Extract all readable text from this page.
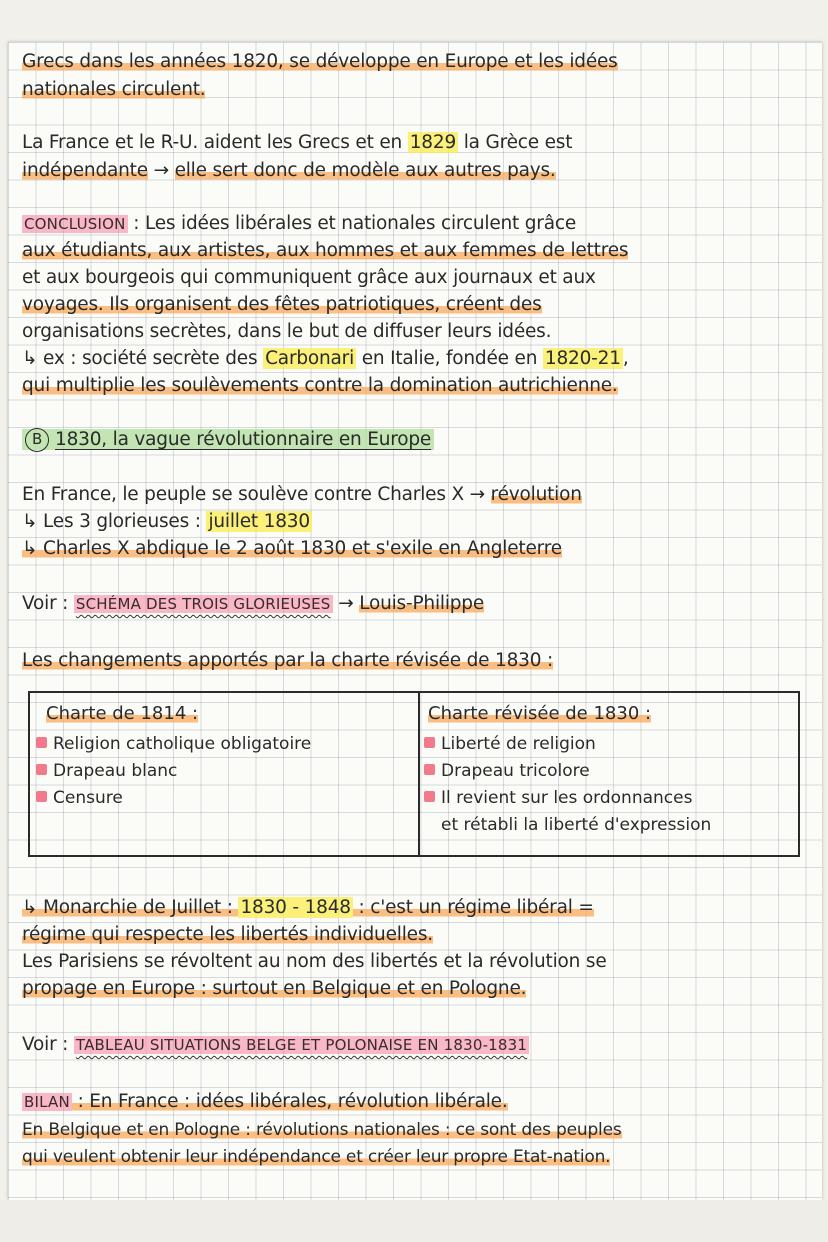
Grecs dans les années 1820, se développe en Europe et les idées
nationales circulent.
La France et le R-U. aident les Grecs et en 1829 la Grèce est
indépendante → elle sert donc de modèle aux autres pays.
CONCLUSION : Les idées libérales et nationales circulent grâce
aux étudiants, aux artistes, aux hommes et aux femmes de lettres
et aux bourgeois qui communiquent grâce aux journaux et aux
voyages. Ils organisent des fêtes patriotiques, créent des
organisations secrètes, dans le but de diffuser leurs idées.
↳ ex : société secrète des Carbonari en Italie, fondée en 1820-21 ,
qui multiplie les soulèvements contre la domination autrichienne.
B 1830, la vague révolutionnaire en Europe
En France, le peuple se soulève contre Charles X → révolution
↳ Les 3 glorieuses : juillet 1830
↳ Charles X abdique le 2 août 1830 et s'exile en Angleterre
Voir : SCHÉMA DES TROIS GLORIEUSES → Louis-Philippe
Les changements apportés par la charte révisée de 1830 :
Charte de 1814 :
Religion catholique obligatoire
Drapeau blanc
Censure
Charte révisée de 1830 :
Liberté de religion
Drapeau tricolore
Il revient sur les ordonnances
et rétabli la liberté d'expression
↳ Monarchie de Juillet : 1830 - 1848 : c'est un régime libéral =
régime qui respecte les libertés individuelles.
Les Parisiens se révoltent au nom des libertés et la révolution se
propage en Europe : surtout en Belgique et en Pologne.
Voir : TABLEAU SITUATIONS BELGE ET POLONAISE EN 1830-1831
BILAN : En France : idées libérales, révolution libérale.
En Belgique et en Pologne : révolutions nationales : ce sont des peuples
qui veulent obtenir leur indépendance et créer leur propre Etat-nation.
